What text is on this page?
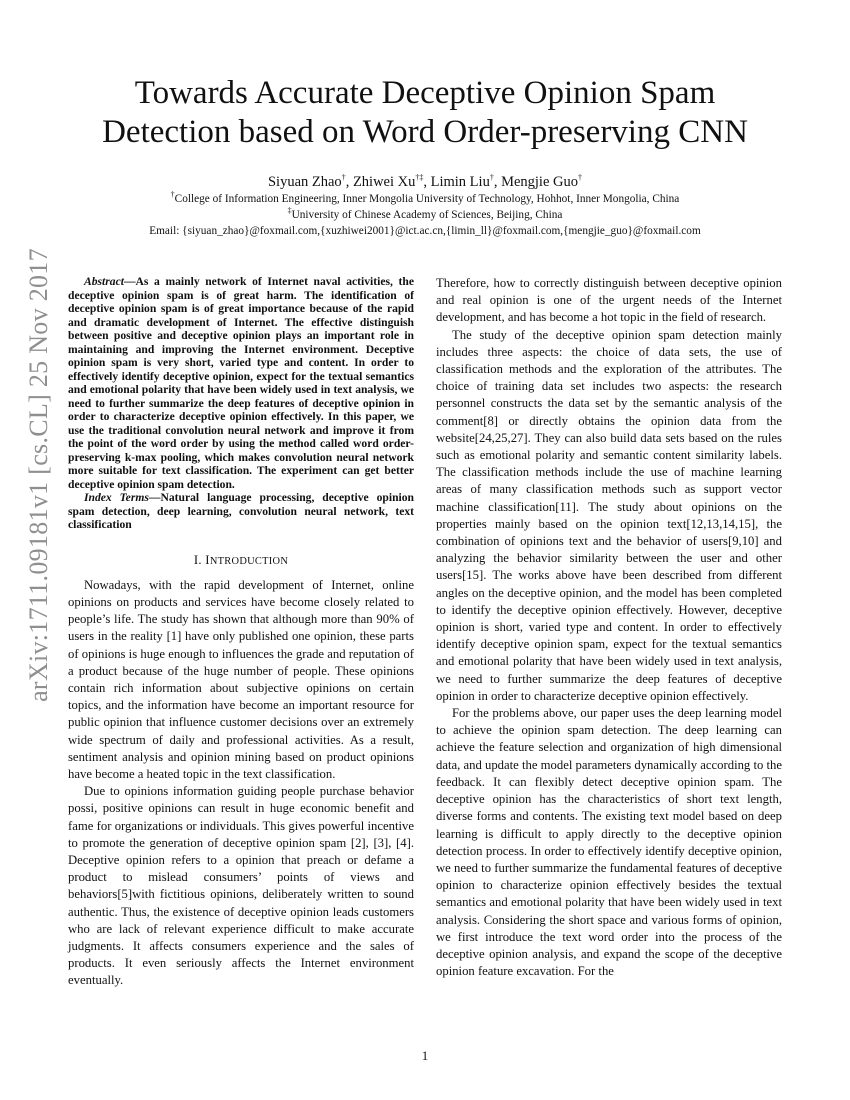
Towards Accurate Deceptive Opinion Spam
Detection based on Word Order-preserving CNN
Siyuan Zhao†, Zhiwei Xu†‡, Limin Liu†, Mengjie Guo†
†College of Information Engineering, Inner Mongolia University of Technology, Hohhot, Inner Mongolia, China
‡University of Chinese Academy of Sciences, Beijing, China
Email: {siyuan_zhao}@foxmail.com,{xuzhiwei2001}@ict.ac.cn,{limin_ll}@foxmail.com,{mengjie_guo}@foxmail.com
arXiv:1711.09181v1 [cs.CL] 25 Nov 2017	Abstract—As a mainly network of Internet naval activities, the deceptive opinion spam is of great harm. The identification of deceptive opinion spam is of great importance because of the rapid and dramatic development of Internet. The effective distinguish between positive and deceptive opinion plays an important role in maintaining and improving the Internet environment. Deceptive opinion spam is very short, varied type and content. In order to effectively identify deceptive opinion, expect for the textual semantics and emotional polarity that have been widely used in text analysis, we need to further summarize the deep features of deceptive opinion in order to characterize deceptive opinion effectively. In this paper, we use the traditional convolution neural network and improve it from the point of the word order by using the method called word order-preserving k-max pooling, which makes convolution neural network more suitable for text classification. The experiment can get better deceptive opinion spam detection.

Index Terms—Natural language processing, deceptive opinion spam detection, deep learning, convolution neural network, text classification

I. INTRODUCTION

Nowadays, with the rapid development of Internet, online opinions on products and services have become closely related to people’s life. The study has shown that although more than 90% of users in the reality [1] have only published one opinion, these parts of opinions is huge enough to influences the grade and reputation of a product because of the huge number of people. These opinions contain rich information about subjective opinions on certain topics, and the information have become an important resource for public opinion that influence customer decisions over an extremely wide spectrum of daily and professional activities. As a result, sentiment analysis and opinion mining based on product opinions have become a heated topic in the text classification.

Due to opinions information guiding people purchase behavior possi, positive opinions can result in huge economic benefit and fame for organizations or individuals. This gives powerful incentive to promote the generation of deceptive opinion spam [2], [3], [4]. Deceptive opinion refers to a opinion that preach or defame a product to mislead consumers’ points of views and behaviors[5]with fictitious opinions, deliberately written to sound authentic. Thus, the existence of deceptive opinion leads customers who are lack of relevant experience difficult to make accurate judgments. It affects consumers experience and the sales of products. It even seriously affects the Internet environment eventually.

Therefore, how to correctly distinguish between deceptive opinion and real opinion is one of the urgent needs of the Internet development, and has become a hot topic in the field of research.

The study of the deceptive opinion spam detection mainly includes three aspects: the choice of data sets, the use of classification methods and the exploration of the attributes. The choice of training data set includes two aspects: the research personnel constructs the data set by the semantic analysis of the comment[8] or directly obtains the opinion data from the website[24,25,27]. They can also build data sets based on the rules such as emotional polarity and semantic content similarity labels. The classification methods include the use of machine learning areas of many classification methods such as support vector machine classification[11]. The study about opinions on the properties mainly based on the opinion text[12,13,14,15], the combination of opinions text and the behavior of users[9,10] and analyzing the behavior similarity between the user and other users[15]. The works above have been described from different angles on the deceptive opinion, and the model has been completed to identify the deceptive opinion effectively. However, deceptive opinion is short, varied type and content. In order to effectively identify deceptive opinion spam, expect for the textual semantics and emotional polarity that have been widely used in text analysis, we need to further summarize the deep features of deceptive opinion in order to characterize deceptive opinion effectively.

For the problems above, our paper uses the deep learning model to achieve the opinion spam detection. The deep learning can achieve the feature selection and organization of high dimensional data, and update the model parameters dynamically according to the feedback. It can flexibly detect deceptive opinion spam. The deceptive opinion has the characteristics of short text length, diverse forms and contents. The existing text model based on deep learning is difficult to apply directly to the deceptive opinion detection process. In order to effectively identify deceptive opinion, we need to further summarize the fundamental features of deceptive opinion to characterize opinion effectively besides the textual semantics and emotional polarity that have been widely used in text analysis. Considering the short space and various forms of opinion, we first introduce the text word order into the process of the deceptive opinion analysis, and expand the scope of the deceptive opinion feature excavation. For the

1
